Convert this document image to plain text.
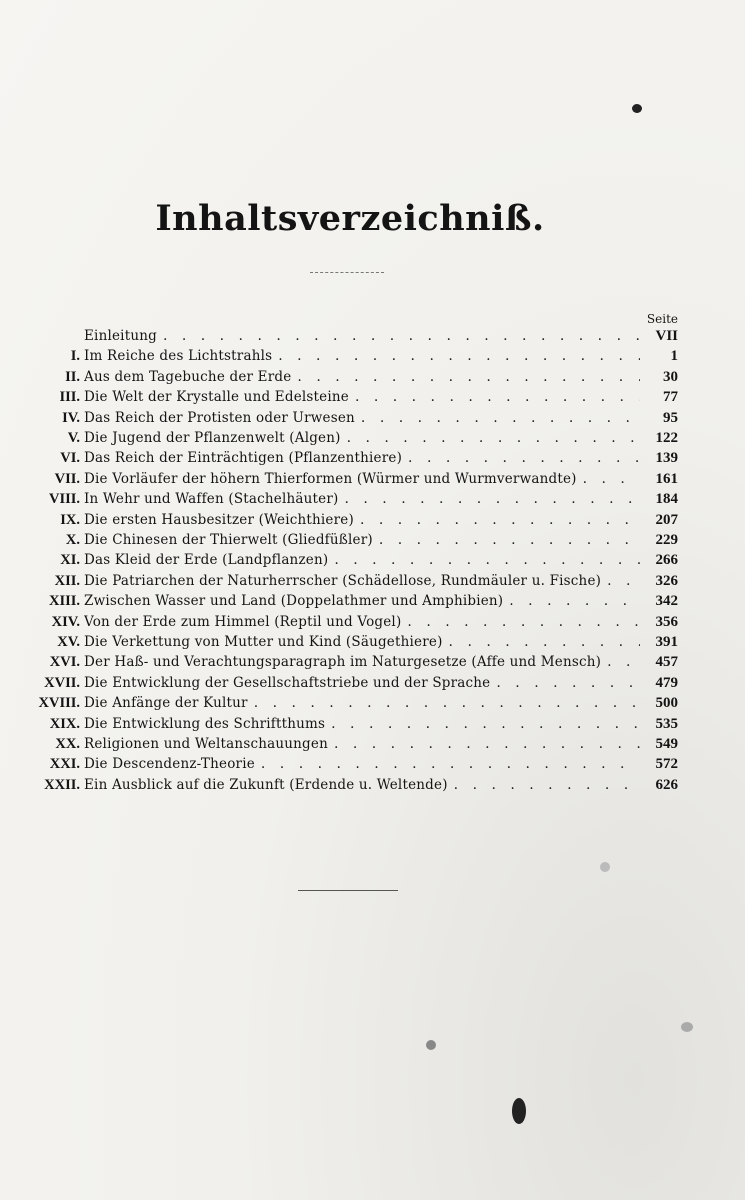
Inhaltsverzeichniß.
Seite
Einleitung . . .	VII
I. Im Reiche des Lichtstrahls . . .	1
II. Aus dem Tagebuche der Erde . . .	30
III. Die Welt der Krystalle und Edelsteine . . .	77
IV. Das Reich der Protisten oder Urwesen . . .	95
V. Die Jugend der Pflanzenwelt (Algen) . . .	122
VI. Das Reich der Einträchtigen (Pflanzenthiere) . . .	139
VII. Die Vorläufer der höhern Thierformen (Würmer und Wurmverwandte) . . .	161
VIII. In Wehr und Waffen (Stachelhäuter) . . .	184
IX. Die ersten Hausbesitzer (Weichthiere) . . .	207
X. Die Chinesen der Thierwelt (Gliedfüßler) . . .	229
XI. Das Kleid der Erde (Landpflanzen) . . .	266
XII. Die Patriarchen der Naturherrscher (Schädellose, Rundmäuler u. Fische) . . .	326
XIII. Zwischen Wasser und Land (Doppelathmer und Amphibien) . . .	342
XIV. Von der Erde zum Himmel (Reptil und Vogel) . . .	356
XV. Die Verkettung von Mutter und Kind (Säugethiere) . . .	391
XVI. Der Haß- und Verachtungsparagraph im Naturgesetze (Affe und Mensch) . . .	457
XVII. Die Entwicklung der Gesellschaftstriebe und der Sprache . . .	479
XVIII. Die Anfänge der Kultur . . .	500
XIX. Die Entwicklung des Schriftthums . . .	535
XX. Religionen und Weltanschauungen . . .	549
XXI. Die Descendenz-Theorie . . .	572
XXII. Ein Ausblick auf die Zukunft (Erdende u. Weltende) . . .	626
